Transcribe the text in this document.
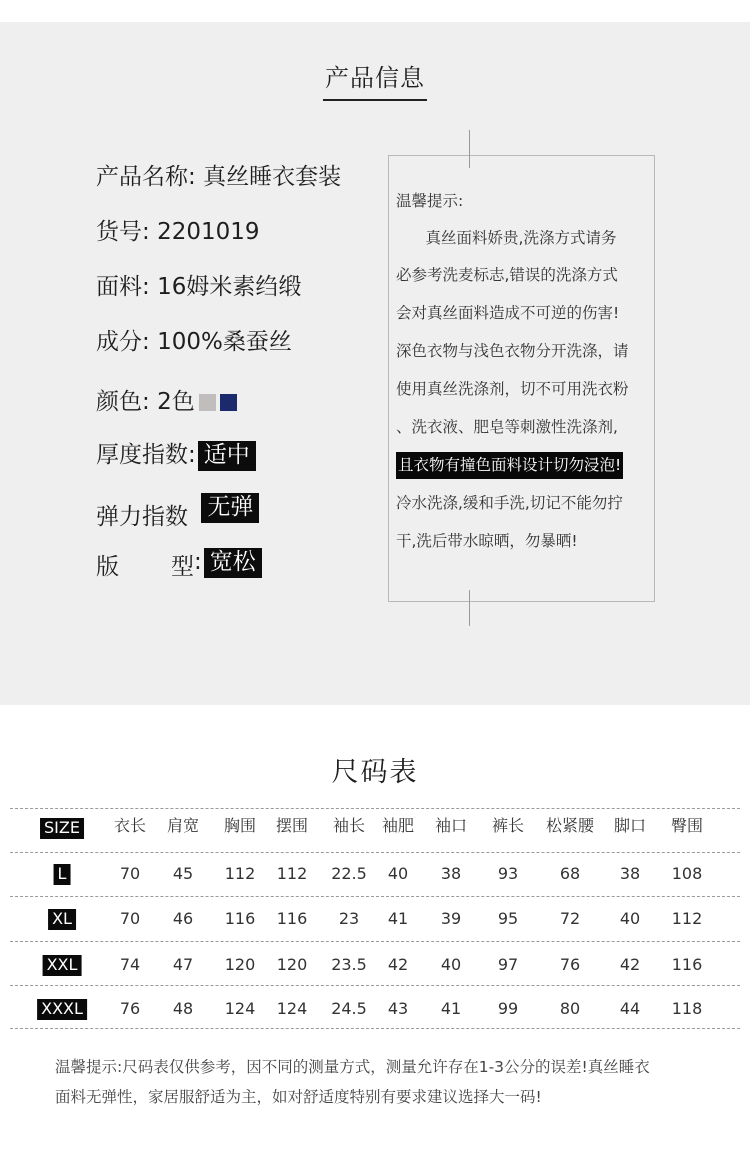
产品信息
产品名称: 真丝睡衣套装
货号: 2201019
面料: 16姆米素绉缎
成分: 100%桑蚕丝
颜色: 2色
厚度指数: 适中
弹力指数 无弹
版 型: 宽松
温馨提示:
真丝面料娇贵,洗涤方式请务
必参考洗麦标志,错误的洗涤方式
会对真丝面料造成不可逆的伤害!
深色衣物与浅色衣物分开洗涤，请
使用真丝洗涤剂，切不可用洗衣粉
、洗衣液、肥皂等刺激性洗涤剂,
且衣物有撞色面料设计切勿浸泡!
冷水洗涤,缓和手洗,切记不能勿拧
干,洗后带水晾晒，勿暴晒!
尺码表
SIZE 衣长 肩宽 胸围 摆围 袖长 袖肥 袖口 裤长 松紧腰 脚口 臀围
L	70 45 112 112 22.5 40 38 93	68 38 108
XL	70 46 116 116 23 41 39 95	72 40 112
XXL	74 47 120 120 23.5 42 40 97	76 42 116
XXXL 76 48 124 124 24.5 43 41 99	80 44 118
温馨提示:尺码表仅供参考，因不同的测量方式，测量允许存在1-3公分的误差!真丝睡衣
面料无弹性，家居服舒适为主，如对舒适度特别有要求建议选择大一码!
